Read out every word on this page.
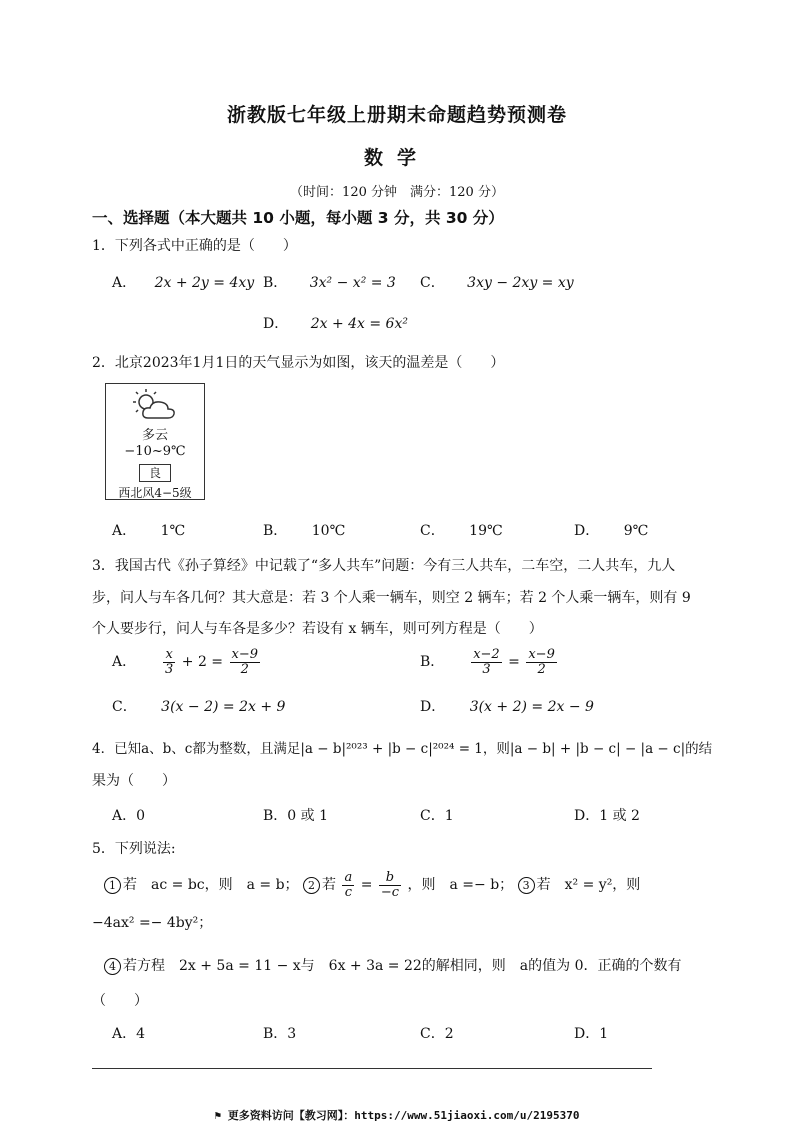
浙教版七年级上册期末命题趋势预测卷
数学
（时间：120 分钟　满分：120 分）
一、选择题（本大题共 10 小题，每小题 3 分，共 30 分）
1．下列各式中正确的是（　　）
A． 2x + 2y = 4xy B． 3x² − x² = 3 C． 3xy − 2xy = xy
D． 2x + 4x = 6x²
2．北京2023年1月1日的天气显示为如图，该天的温差是（　　）
多云
−10~9℃
良
西北风4−5级
A． 1℃	B． 10℃	C． 19℃	D． 9℃
3．我国古代《孙子算经》中记载了“多人共车”问题：今有三人共车，二车空，二人共车，九人
步，问人与车各几何？其大意是：若 3 个人乘一辆车，则空 2 辆车；若 2 个人乘一辆车，则有 9
个人要步行，问人与车各是多少？若设有 x 辆车，则可列方程是（　　）
A． $\frac{x}{3} + 2 = \frac{x-9}{2}$	B． $\frac{x-2}{3} = \frac{x-9}{2}$
C． 3(x − 2) = 2x + 9	D． 3(x + 2) = 2x − 9
4．已知a、b、c都为整数，且满足|a − b|²⁰²³ + |b − c|²⁰²⁴ = 1，则|a − b| + |b − c| − |a − c|的结
果为（　　）
A．0	B．0 或 1	C．1	D．1 或 2
5．下列说法:
1 若　ac = bc，则　a = b； 2 若 $\frac{a}{c} = \frac{b}{-c}$ ，则　a =− b； 3 若　x² = y²，则
−4ax² =− 4by²；
4 若方程　2x + 5a = 11 − x与　6x + 3a = 22的解相同，则　a的值为 0．正确的个数有
（　　）
A．4	B．3	C．2	D．1
⚑ 更多资料访问【教习网】：https://www.51jiaoxi.com/u/2195370
